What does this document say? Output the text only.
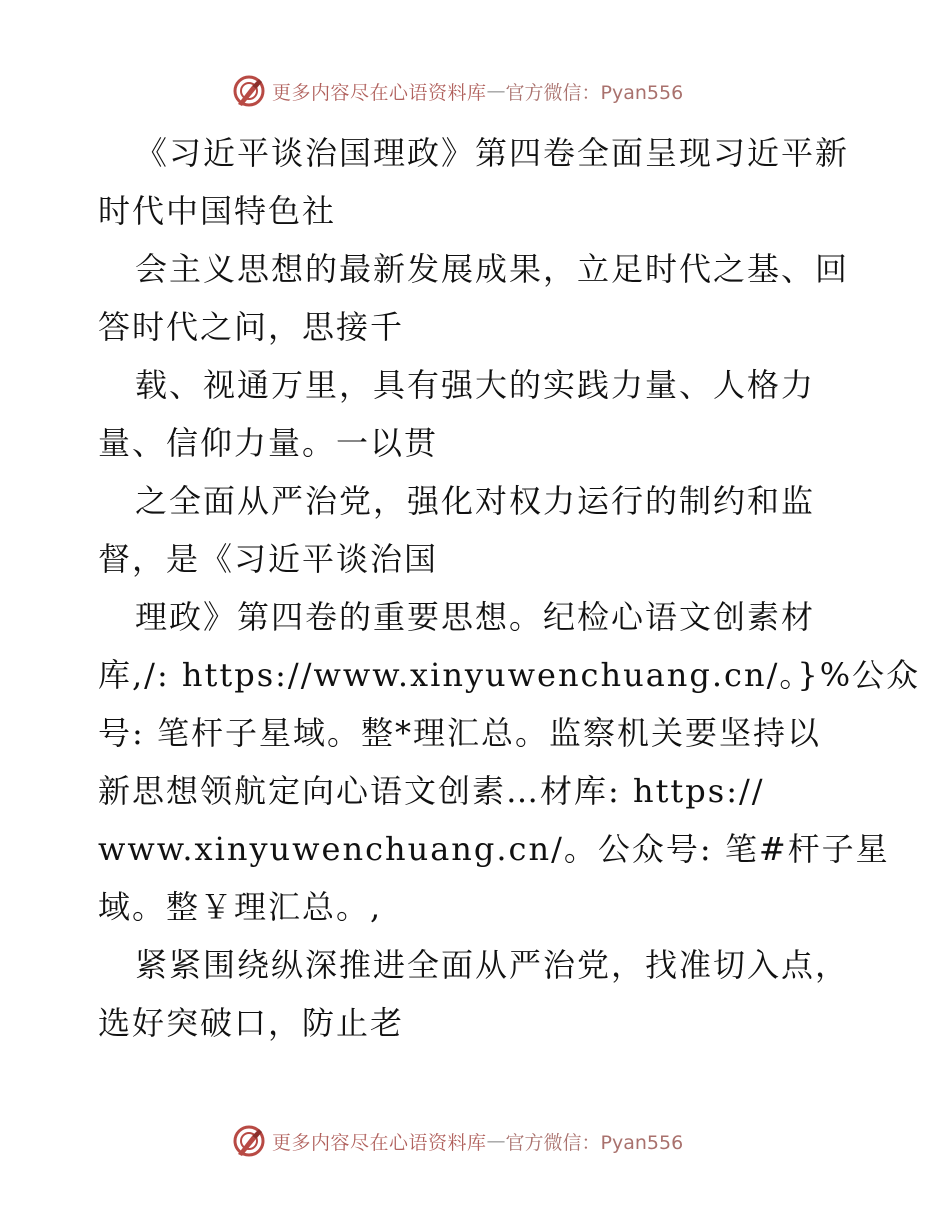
更多内容尽在心语资料库 — 官方微信：Pyan556
《习近平谈治国理政》第四卷全面呈现习近平新
时代中国特色社
会主义思想的最新发展成果，立足时代之基、回
答时代之问，思接千
载、视通万里，具有强大的实践力量、人格力
量、信仰力量。一以贯
之全面从严治党，强化对权力运行的制约和监
督，是《习近平谈治国
理政》第四卷的重要思想。纪检心语文创素材
库,/: https://www.xinyuwenchuang.cn/。}%公众
号: 笔杆子星域。整*理汇总。监察机关要坚持以
新思想领航定向心语文创素…材库: https://
www.xinyuwenchuang.cn/。公众号: 笔#杆子星
域。整￥理汇总。,
紧紧围绕纵深推进全面从严治党，找准切入点，
选好突破口，防止老
更多内容尽在心语资料库 — 官方微信：Pyan556
